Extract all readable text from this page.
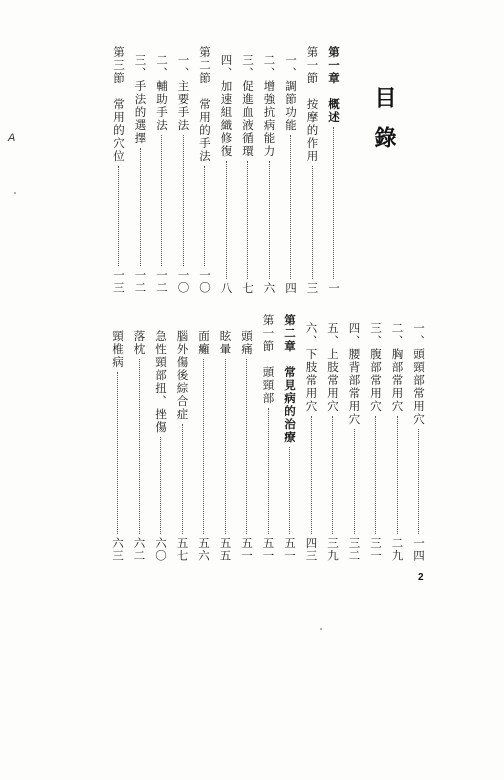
A	目錄
第一章　概述
一
第一節　按摩的作用
三
一、調節功能
四
二、增強抗病能力
六
三、促進血液循環
七
四、加速組織修復
八
第二節　常用的手法
一〇
一、主要手法
一〇
二、輔助手法
一二
三、手法的選擇
一二
第三節　常用的穴位
一三
一、頭頸部常用穴
一四
二、胸部常用穴
二九
三、腹部常用穴
三一
四、腰背部常用穴
三二
五、上肢常用穴
三九
六、下肢常用穴
四三
第二章　常見病的治療
五一
第一節　頭頸部
五一
頭痛
五一
眩暈
五五
面癱
五六
腦外傷後綜合症
五七
急性頸部扭、挫傷
六〇
落枕
六二
頸椎病
六三
2
